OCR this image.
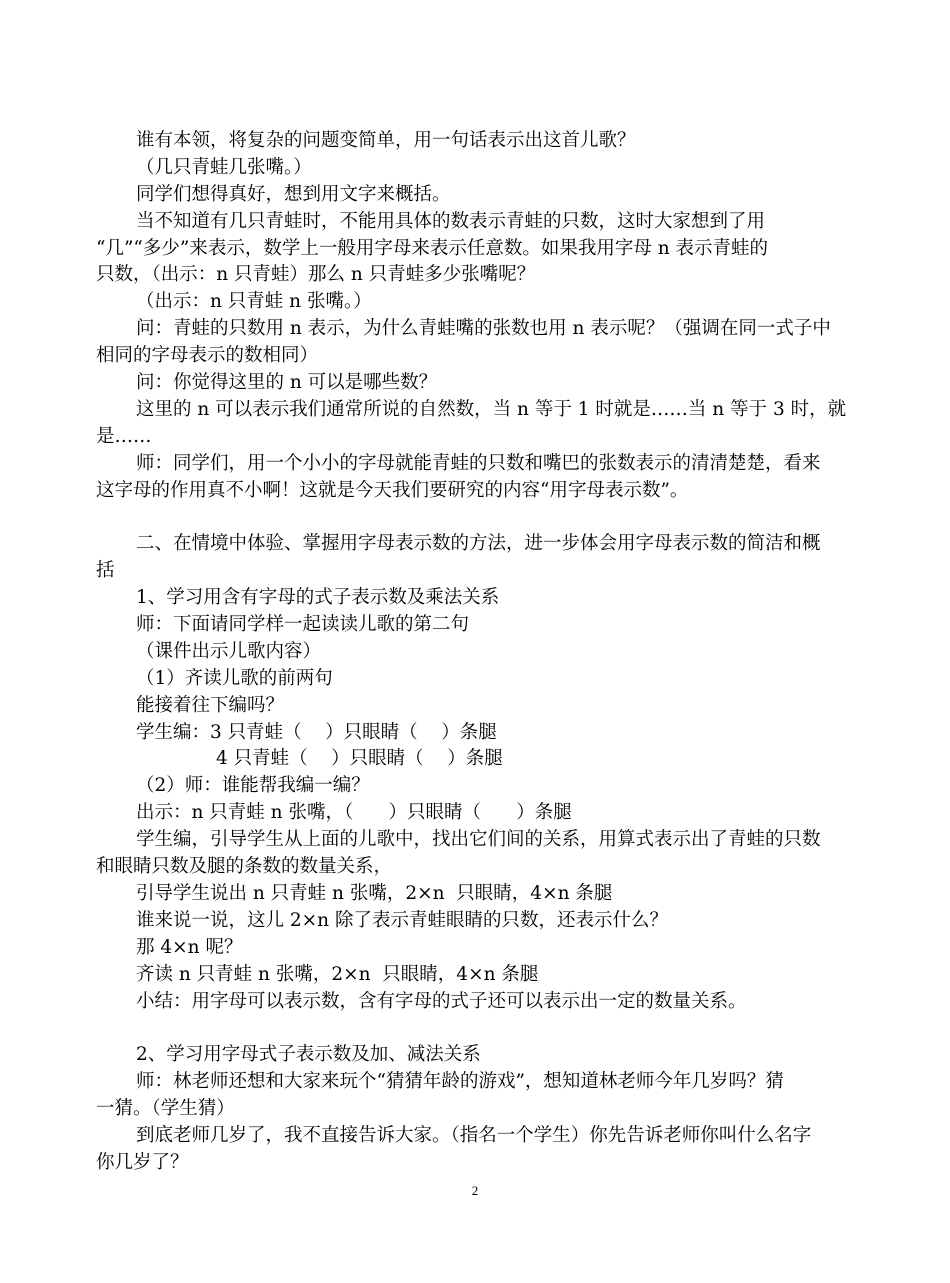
谁有本领，将复杂的问题变简单，用一句话表示出这首儿歌？
（几只青蛙几张嘴。）
同学们想得真好，想到用文字来概括。
当不知道有几只青蛙时，不能用具体的数表示青蛙的只数，这时大家想到了用
“几”“多少”来表示，数学上一般用字母来表示任意数。如果我用字母 n 表示青蛙的
只数，（出示：n 只青蛙）那么 n 只青蛙多少张嘴呢？
（出示：n 只青蛙 n 张嘴。）
问：青蛙的只数用 n 表示，为什么青蛙嘴的张数也用 n 表示呢？（强调在同一式子中
相同的字母表示的数相同）
问：你觉得这里的 n 可以是哪些数？
这里的 n 可以表示我们通常所说的自然数，当 n 等于 1 时就是……当 n 等于 3 时，就
是……
师：同学们，用一个小小的字母就能青蛙的只数和嘴巴的张数表示的清清楚楚，看来
这字母的作用真不小啊！这就是今天我们要研究的内容“用字母表示数”。
二、在情境中体验、掌握用字母表示数的方法，进一步体会用字母表示数的简洁和概
括
1、学习用含有字母的式子表示数及乘法关系
师：下面请同学样一起读读儿歌的第二句
（课件出示儿歌内容）
（1）齐读儿歌的前两句
能接着往下编吗？
学生编：3 只青蛙（    ）只眼睛（    ）条腿
4 只青蛙（    ）只眼睛（    ）条腿
（2）师：谁能帮我编一编？
出示：n 只青蛙 n 张嘴，（      ）只眼睛（      ）条腿
学生编，引导学生从上面的儿歌中，找出它们间的关系，用算式表示出了青蛙的只数
和眼睛只数及腿的条数的数量关系，
引导学生说出 n 只青蛙 n 张嘴，2×n  只眼睛，4×n 条腿
谁来说一说，这儿 2×n 除了表示青蛙眼睛的只数，还表示什么？
那 4×n 呢？
齐读 n 只青蛙 n 张嘴，2×n  只眼睛，4×n 条腿
小结：用字母可以表示数，含有字母的式子还可以表示出一定的数量关系。
2、学习用字母式子表示数及加、减法关系
师：林老师还想和大家来玩个“猜猜年龄的游戏”，想知道林老师今年几岁吗？猜
一猜。（学生猜）
到底老师几岁了，我不直接告诉大家。（指名一个学生）你先告诉老师你叫什么名字
你几岁了？
2
